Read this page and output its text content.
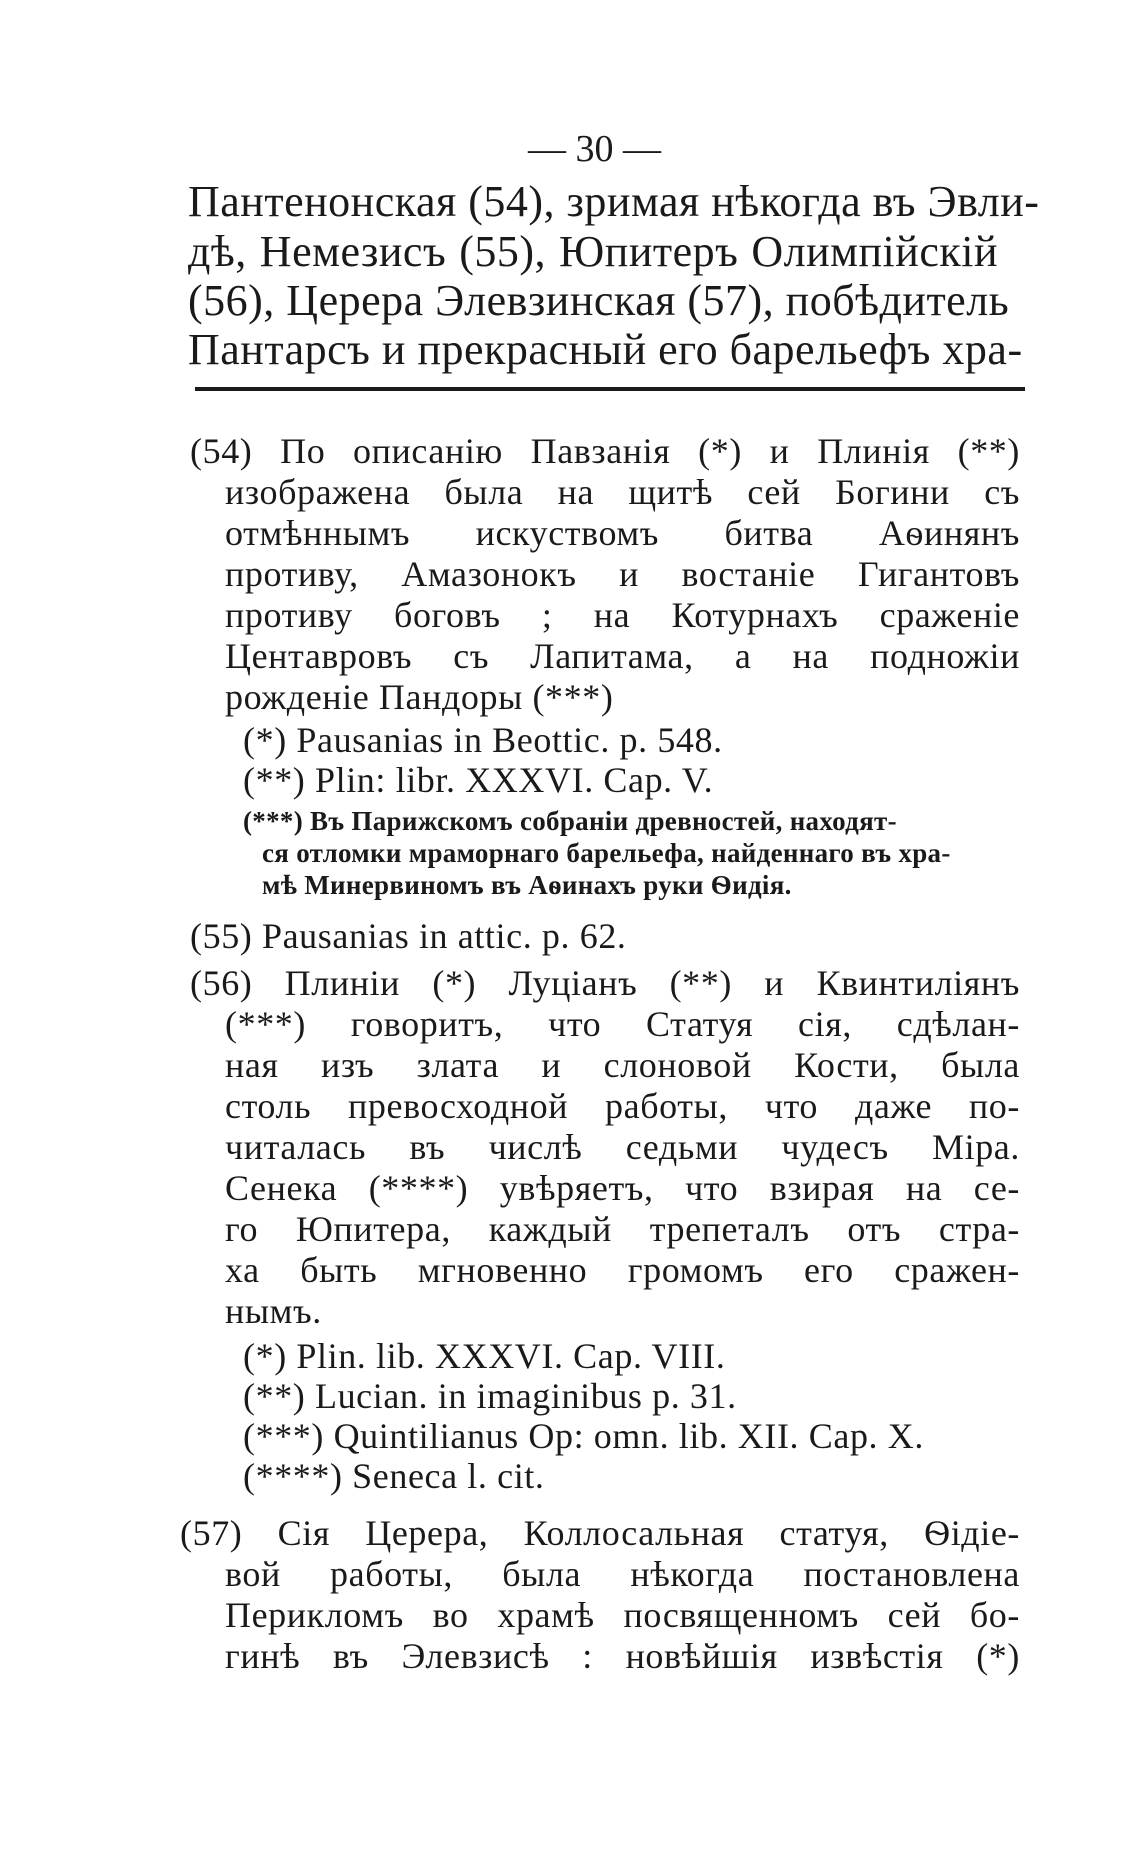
— 30 —
Пантенонская (54), зримая нѣкогда въ Эвли-
дѣ, Немезисъ (55), Юпитеръ Олимпійскій
(56), Церера Элевзинская (57), побѣдитель
Пантарсъ и прекрасный его барельефъ хра-
(54) По описанію Павзанія (*) и Плинія (**)
изображена была на щитѣ сей Богини съ
отмѣннымъ искуствомъ битва Аѳинянъ
противу, Амазонокъ и востаніе Гигантовъ
противу боговъ ; на Котурнахъ сраженіе
Центавровъ съ Лапитама, а на подножіи
рожденіе Пандоры (***)
(*) Pausanias in Beottic. p. 548.
(**) Plin: libr. XXXVI. Cap. V.
(***) Въ Парижскомъ собраніи древностей, находят-
ся отломки мраморнаго барельефа, найденнаго въ хра-
мѣ Минервиномъ въ Аѳинахъ руки Ѳидія.
(55) Pausanias in attic. p. 62.
(56) Плиніи (*) Луціанъ (**) и Квинтиліянъ
(***) говоритъ, что Статуя сія, сдѣлан-
ная изъ злата и слоновой Кости, была
столь превосходной работы, что даже по-
читалась въ числѣ седьми чудесъ Міра.
Сенека (****) увѣряетъ, что взирая на се-
го Юпитера, каждый трепеталъ отъ стра-
ха быть мгновенно громомъ его сражен-
нымъ.
(*) Plin. lib. XXXVI. Cap. VIII.
(**) Lucian. in imaginibus p. 31.
(***) Quintilianus Op: omn. lib. XII. Cap. X.
(****) Seneca l. cit.
(57) Сія Церера, Коллосальная статуя, Ѳідіе-
вой работы, была нѣкогда постановлена
Перикломъ во храмѣ посвященномъ сей бо-
гинѣ въ Элевзисѣ : новѣйшія извѣстія (*)
